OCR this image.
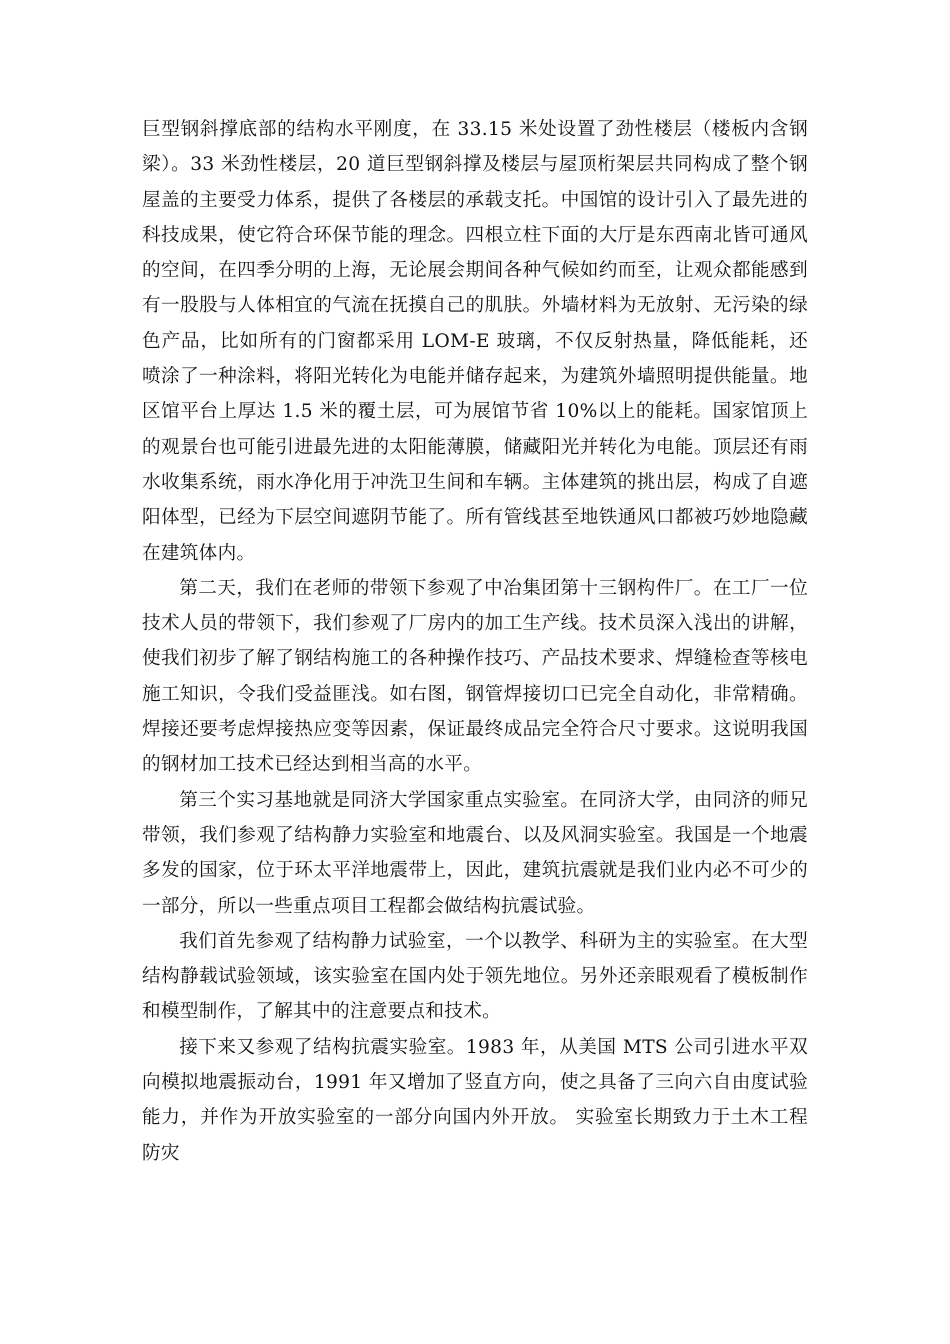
巨型钢斜撑底部的结构水平刚度，在 33.15 米处设置了劲性楼层（楼板内含钢梁）。33 米劲性楼层，20 道巨型钢斜撑及楼层与屋顶桁架层共同构成了整个钢屋盖的主要受力体系，提供了各楼层的承载支托。中国馆的设计引入了最先进的科技成果，使它符合环保节能的理念。四根立柱下面的大厅是东西南北皆可通风的空间，在四季分明的上海，无论展会期间各种气候如约而至，让观众都能感到有一股股与人体相宜的气流在抚摸自己的肌肤。外墙材料为无放射、无污染的绿色产品，比如所有的门窗都采用 LOM-E 玻璃，不仅反射热量，降低能耗，还喷涂了一种涂料，将阳光转化为电能并储存起来，为建筑外墙照明提供能量。地区馆平台上厚达 1.5 米的覆土层，可为展馆节省 10%以上的能耗。国家馆顶上的观景台也可能引进最先进的太阳能薄膜，储藏阳光并转化为电能。顶层还有雨水收集系统，雨水净化用于冲洗卫生间和车辆。主体建筑的挑出层，构成了自遮阳体型，已经为下层空间遮阴节能了。所有管线甚至地铁通风口都被巧妙地隐藏在建筑体内。

第二天，我们在老师的带领下参观了中冶集团第十三钢构件厂。在工厂一位技术人员的带领下，我们参观了厂房内的加工生产线。技术员深入浅出的讲解，使我们初步了解了钢结构施工的各种操作技巧、产品技术要求、焊缝检查等核电施工知识，令我们受益匪浅。如右图，钢管焊接切口已完全自动化，非常精确。焊接还要考虑焊接热应变等因素，保证最终成品完全符合尺寸要求。这说明我国的钢材加工技术已经达到相当高的水平。

第三个实习基地就是同济大学国家重点实验室。在同济大学，由同济的师兄带领，我们参观了结构静力实验室和地震台、以及风洞实验室。我国是一个地震多发的国家，位于环太平洋地震带上，因此，建筑抗震就是我们业内必不可少的一部分，所以一些重点项目工程都会做结构抗震试验。

我们首先参观了结构静力试验室，一个以教学、科研为主的实验室。在大型结构静载试验领域，该实验室在国内处于领先地位。另外还亲眼观看了模板制作和模型制作，了解其中的注意要点和技术。

接下来又参观了结构抗震实验室。1983 年，从美国 MTS 公司引进水平双向模拟地震振动台，1991 年又增加了竖直方向，使之具备了三向六自由度试验能力，并作为开放实验室的一部分向国内外开放。 实验室长期致力于土木工程防灾
